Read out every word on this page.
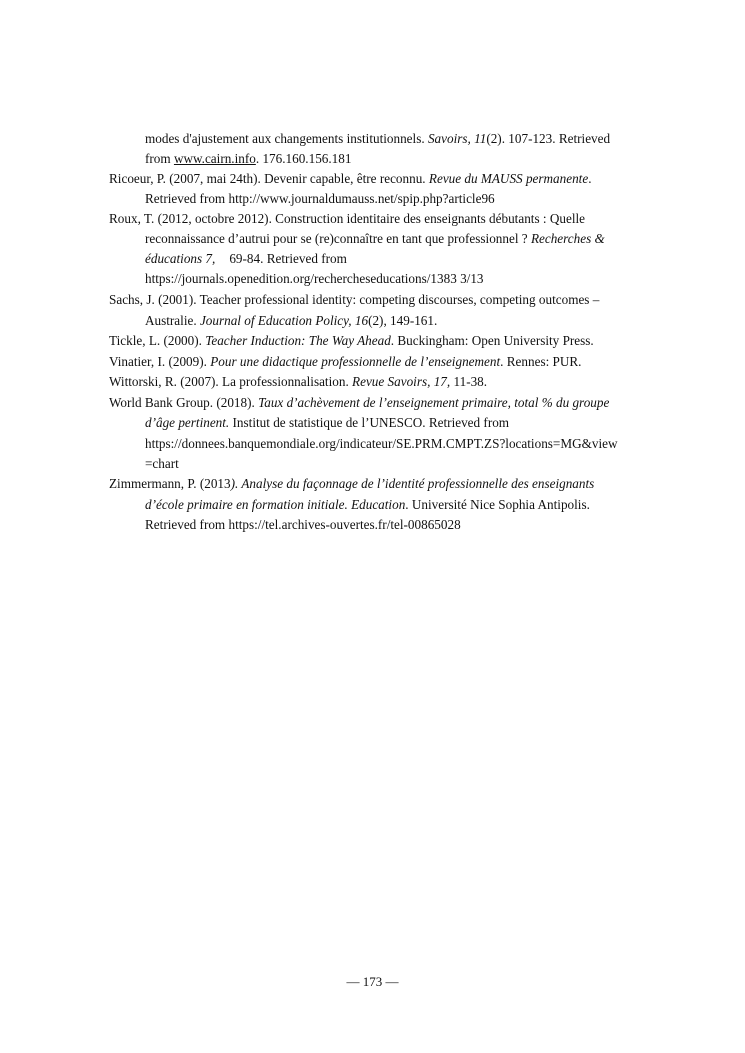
modes d'ajustement aux changements institutionnels. Savoirs, 11(2). 107-123. Retrieved
from www.cairn.info. 176.160.156.181
Ricoeur, P. (2007, mai 24th). Devenir capable, être reconnu. Revue du MAUSS permanente.
Retrieved from http://www.journaldumauss.net/spip.php?article96
Roux, T. (2012, octobre 2012). Construction identitaire des enseignants débutants : Quelle
reconnaissance d’autrui pour se (re)connaître en tant que professionnel ? Recherches &
éducations 7, 69-84. Retrieved from
https://journals.openedition.org/rechercheseducations/1383 3/13
Sachs, J. (2001). Teacher professional identity: competing discourses, competing outcomes –
Australie. Journal of Education Policy, 16(2), 149-161.
Tickle, L. (2000). Teacher Induction: The Way Ahead. Buckingham: Open University Press.
Vinatier, I. (2009). Pour une didactique professionnelle de l’enseignement. Rennes: PUR.
Wittorski, R. (2007). La professionnalisation. Revue Savoirs, 17, 11-38.
World Bank Group. (2018). Taux d’achèvement de l’enseignement primaire, total % du groupe
d’âge pertinent. Institut de statistique de l’UNESCO. Retrieved from
https://donnees.banquemondiale.org/indicateur/SE.PRM.CMPT.ZS?locations=MG&view
=chart
Zimmermann, P. (2013). Analyse du façonnage de l’identité professionnelle des enseignants
d’école primaire en formation initiale. Education. Université Nice Sophia Antipolis.
Retrieved from https://tel.archives-ouvertes.fr/tel-00865028
— 173 —
